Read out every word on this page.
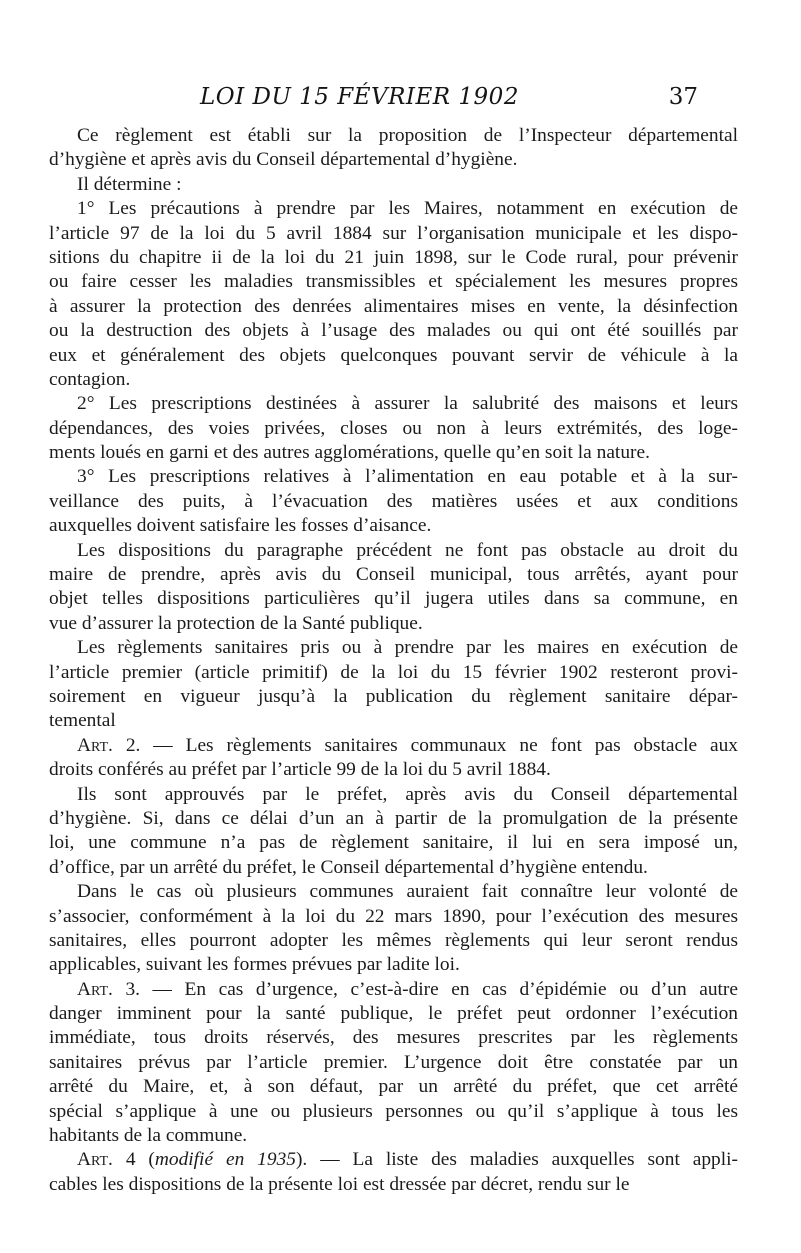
LOI DU 15 FÉVRIER 1902	37
Ce règlement est établi sur la proposition de l’Inspecteur départemental
d’hygiène et après avis du Conseil départemental d’hygiène.
Il détermine :
1° Les précautions à prendre par les Maires, notamment en exécution de
l’article 97 de la loi du 5 avril 1884 sur l’organisation municipale et les dispo-
sitions du chapitre ii de la loi du 21 juin 1898, sur le Code rural, pour prévenir
ou faire cesser les maladies transmissibles et spécialement les mesures propres
à assurer la protection des denrées alimentaires mises en vente, la désinfection
ou la destruction des objets à l’usage des malades ou qui ont été souillés par
eux et généralement des objets quelconques pouvant servir de véhicule à la
contagion.
2° Les prescriptions destinées à assurer la salubrité des maisons et leurs
dépendances, des voies privées, closes ou non à leurs extrémités, des loge-
ments loués en garni et des autres agglomérations, quelle qu’en soit la nature.
3° Les prescriptions relatives à l’alimentation en eau potable et à la sur-
veillance des puits, à l’évacuation des matières usées et aux conditions
auxquelles doivent satisfaire les fosses d’aisance.
Les dispositions du paragraphe précédent ne font pas obstacle au droit du
maire de prendre, après avis du Conseil municipal, tous arrêtés, ayant pour
objet telles dispositions particulières qu’il jugera utiles dans sa commune, en
vue d’assurer la protection de la Santé publique.
Les règlements sanitaires pris ou à prendre par les maires en exécution de
l’article premier (article primitif) de la loi du 15 février 1902 resteront provi-
soirement en vigueur jusqu’à la publication du règlement sanitaire dépar-
temental
Art. 2. — Les règlements sanitaires communaux ne font pas obstacle aux
droits conférés au préfet par l’article 99 de la loi du 5 avril 1884.
Ils sont approuvés par le préfet, après avis du Conseil départemental
d’hygiène. Si, dans ce délai d’un an à partir de la promulgation de la présente
loi, une commune n’a pas de règlement sanitaire, il lui en sera imposé un,
d’office, par un arrêté du préfet, le Conseil départemental d’hygiène entendu.
Dans le cas où plusieurs communes auraient fait connaître leur volonté de
s’associer, conformément à la loi du 22 mars 1890, pour l’exécution des mesures
sanitaires, elles pourront adopter les mêmes règlements qui leur seront rendus
applicables, suivant les formes prévues par ladite loi.
Art. 3. — En cas d’urgence, c’est-à-dire en cas d’épidémie ou d’un autre
danger imminent pour la santé publique, le préfet peut ordonner l’exécution
immédiate, tous droits réservés, des mesures prescrites par les règlements
sanitaires prévus par l’article premier. L’urgence doit être constatée par un
arrêté du Maire, et, à son défaut, par un arrêté du préfet, que cet arrêté
spécial s’applique à une ou plusieurs personnes ou qu’il s’applique à tous les
habitants de la commune.
Art. 4 (modifié en 1935). — La liste des maladies auxquelles sont appli-
cables les dispositions de la présente loi est dressée par décret, rendu sur le
